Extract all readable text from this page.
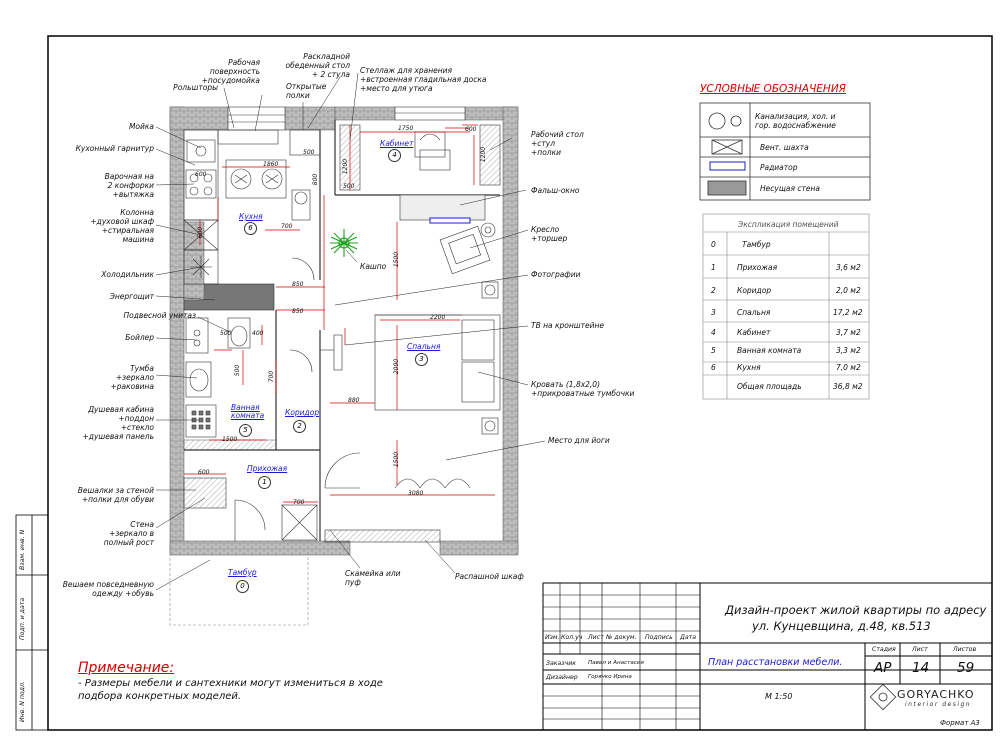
Рабочая
поверхность
+посудомойка
Раскладной
обеденный стол
+ 2 стула
Открытые
полки
Рольшторы
Мойка
Кухонный гарнитур
Варочная на
2 конфорки
+вытяжка
Колонна
+духовой шкаф
+стиральная
машина
Холодильник
Энергощит
Подвесной унитаз
Бойлер
Тумба
+зеркало
+раковина
Душевая кабина
+поддон
+стекло
+душевая панель
Вешалки за стеной
+полки для обуви
Стена
+зеркало в
полный рост
Вешаем повседневную
одежду +обувь
Стеллаж для хранения
+встроенная гладильная доска
+место для утюга
Рабочий стол
+стул
+полки
Фальш-окно
Кресло
+торшер
Кашпо
Фотографии
ТВ на кронштейне
Кровать (1,8х2,0)
+прикроватные тумбочки
Место для йоги
Скамейка или
пуф
Распашной шкаф
Кухня
Кабинет
Спальня
Ванная
комната	Коридор
Прихожая
Тамбур
6
4
3
5	2
1
0
1860
1750	600
500
800
1200
500
600
700
850
850
1500
2200
2000
880
1500
3080
700
600
1500
700
500	400
500
600
1200
УСЛОВНЫЕ ОБОЗНАЧЕНИЯ
Канализация, хол. и
гор. водоснабжение
Вент. шахта
Радиатор
Несущая стена
Экспликация помещений
0	Тамбур
1	Прихожая	3,6 м2
2	Коридор	2,0 м2
3	Спальня	17,2 м2
4	Кабинет	3,7 м2
5	Ванная комната	3,3 м2
6	Кухня	7,0 м2
Общая площадь	36,8 м2
Примечание:
- Размеры мебели и сантехники могут измениться в ходе
подбора конкретных моделей.
Дизайн-проект жилой квартиры по адресу
ул. Кунцевщина, д.48, кв.513
Изм. Кол.уч Лист № докум. Подпись Дата
Заказчик Павел и Анастасия
Дизайнер Горячко Ирина
План расстановки мебели.
М 1:50
Стадия	Лист	Листов
АР 14 59
GORYACHKO
interior design
Формат А3
Взам. инв. N
Подп. и дата
Инв. N подл.
